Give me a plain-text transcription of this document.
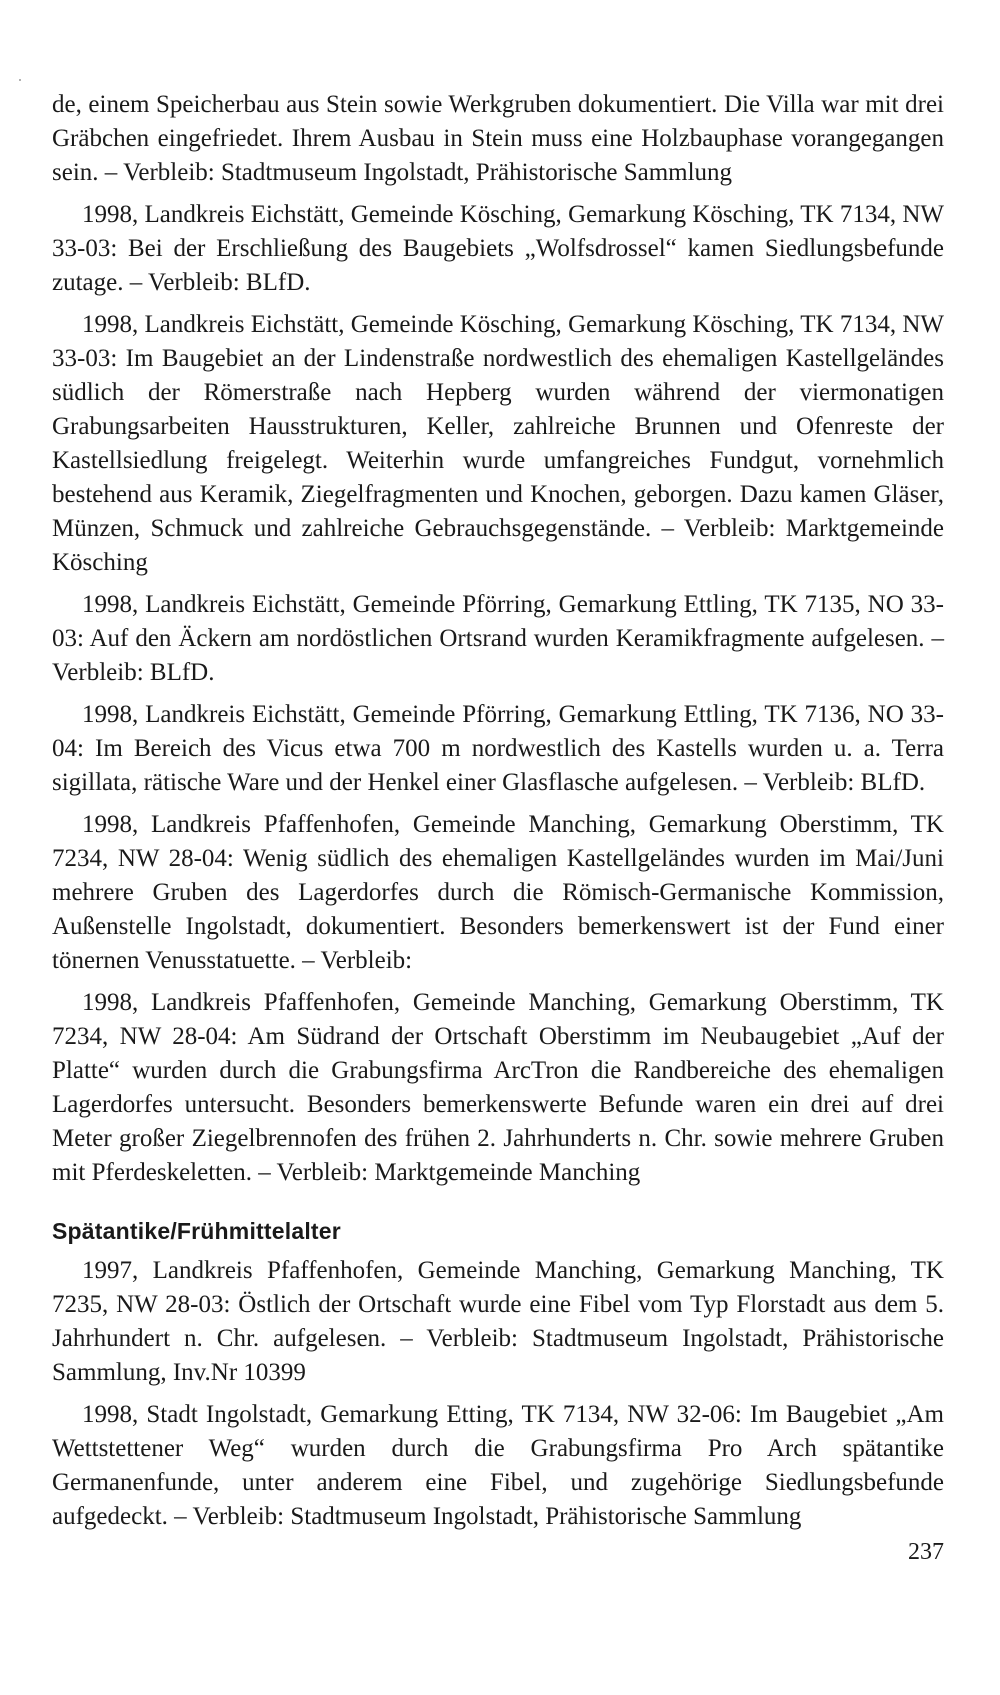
de, einem Speicherbau aus Stein sowie Werkgruben dokumentiert. Die Villa war mit drei Gräbchen eingefriedet. Ihrem Ausbau in Stein muss eine Holzbauphase vorangegangen sein. – Verbleib: Stadtmuseum Ingolstadt, Prähistorische Sammlung

1998, Landkreis Eichstätt, Gemeinde Kösching, Gemarkung Kösching, TK 7134, NW 33-03: Bei der Erschließung des Baugebiets „Wolfsdrossel“ kamen Siedlungsbefunde zutage. – Verbleib: BLfD.

1998, Landkreis Eichstätt, Gemeinde Kösching, Gemarkung Kösching, TK 7134, NW 33-03: Im Baugebiet an der Lindenstraße nordwestlich des ehemaligen Kastellgeländes südlich der Römerstraße nach Hepberg wurden während der viermonatigen Grabungsarbeiten Hausstrukturen, Keller, zahlreiche Brunnen und Ofenreste der Kastellsiedlung freigelegt. Weiterhin wurde umfangreiches Fundgut, vornehmlich bestehend aus Keramik, Ziegelfragmenten und Knochen, geborgen. Dazu kamen Gläser, Münzen, Schmuck und zahlreiche Gebrauchsgegenstände. – Verbleib: Marktgemeinde Kösching

1998, Landkreis Eichstätt, Gemeinde Pförring, Gemarkung Ettling, TK 7135, NO 33-03: Auf den Äckern am nordöstlichen Ortsrand wurden Keramikfragmente aufgelesen. – Verbleib: BLfD.

1998, Landkreis Eichstätt, Gemeinde Pförring, Gemarkung Ettling, TK 7136, NO 33-04: Im Bereich des Vicus etwa 700 m nordwestlich des Kastells wurden u. a. Terra sigillata, rätische Ware und der Henkel einer Glasflasche aufgelesen. – Verbleib: BLfD.

1998, Landkreis Pfaffenhofen, Gemeinde Manching, Gemarkung Oberstimm, TK 7234, NW 28-04: Wenig südlich des ehemaligen Kastellgeländes wurden im Mai/Juni mehrere Gruben des Lagerdorfes durch die Römisch-Germanische Kommission, Außenstelle Ingolstadt, dokumentiert. Besonders bemerkenswert ist der Fund einer tönernen Venusstatuette. – Verbleib:

1998, Landkreis Pfaffenhofen, Gemeinde Manching, Gemarkung Oberstimm, TK 7234, NW 28-04: Am Südrand der Ortschaft Oberstimm im Neubaugebiet „Auf der Platte“ wurden durch die Grabungsfirma ArcTron die Randbereiche des ehemaligen Lagerdorfes untersucht. Besonders bemerkenswerte Befunde waren ein drei auf drei Meter großer Ziegelbrennofen des frühen 2. Jahrhunderts n. Chr. sowie mehrere Gruben mit Pferdeskeletten. – Verbleib: Marktgemeinde Manching

Spätantike/Frühmittelalter

1997, Landkreis Pfaffenhofen, Gemeinde Manching, Gemarkung Manching, TK 7235, NW 28-03: Östlich der Ortschaft wurde eine Fibel vom Typ Florstadt aus dem 5. Jahrhundert n. Chr. aufgelesen. – Verbleib: Stadtmuseum Ingolstadt, Prähistorische Sammlung, Inv.Nr 10399

1998, Stadt Ingolstadt, Gemarkung Etting, TK 7134, NW 32-06: Im Baugebiet „Am Wettstettener Weg“ wurden durch die Grabungsfirma Pro Arch spätantike Germanenfunde, unter anderem eine Fibel, und zugehörige Siedlungsbefunde aufgedeckt. – Verbleib: Stadtmuseum Ingolstadt, Prähistorische Sammlung

237
